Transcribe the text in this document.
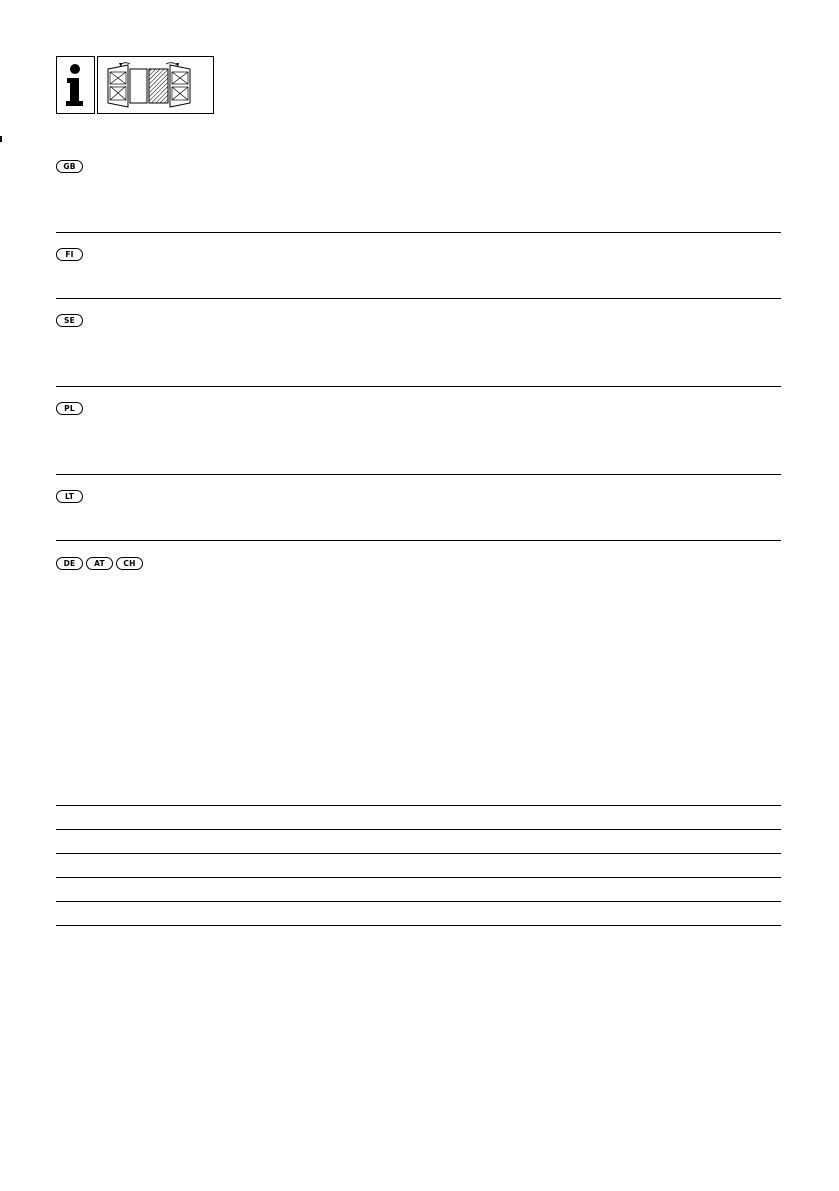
GB
FI
SE
PL
LT
DE	AT	CH
